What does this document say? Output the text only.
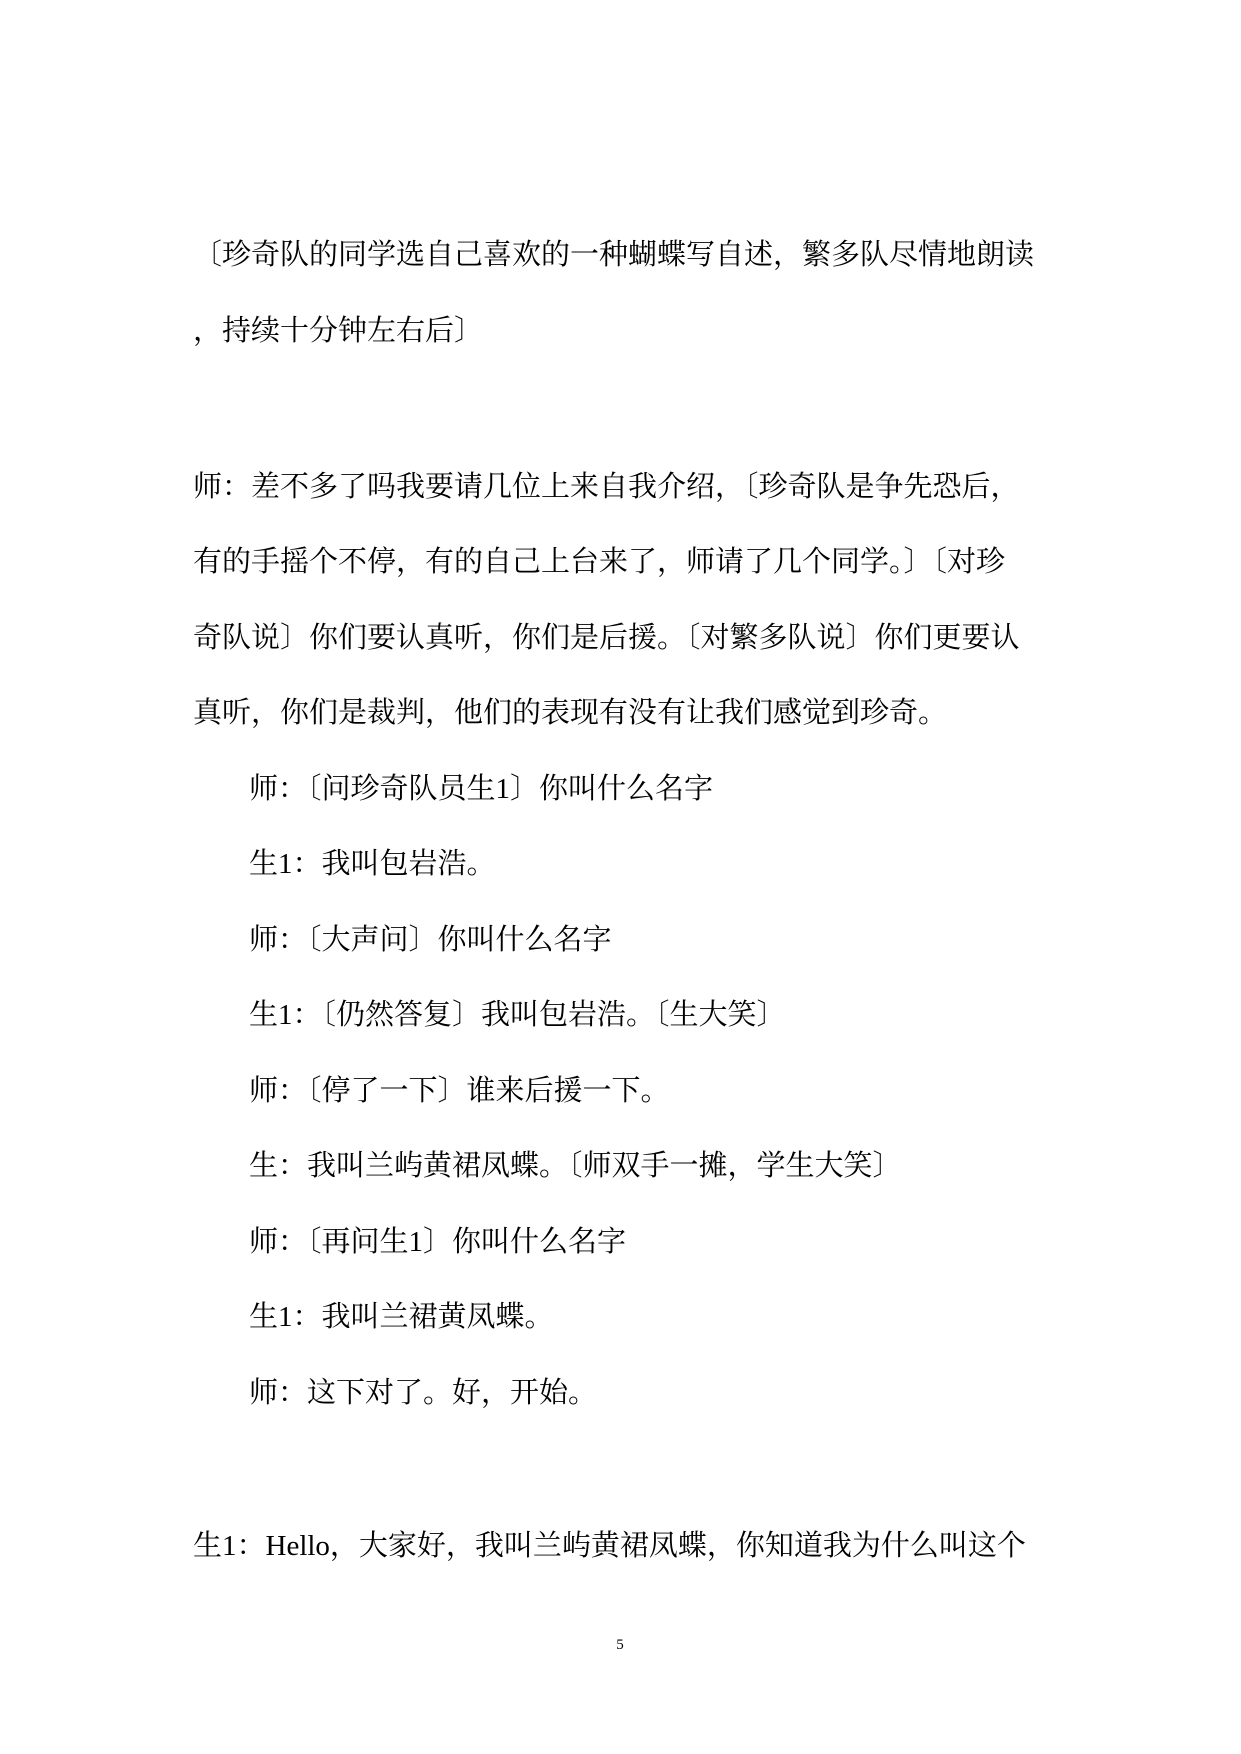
〔珍奇队的同学选自己喜欢的一种蝴蝶写自述，繁多队尽情地朗读
，持续十分钟左右后〕
师：差不多了吗我要请几位上来自我介绍，〔珍奇队是争先恐后，
有的手摇个不停，有的自己上台来了，师请了几个同学。〕〔对珍
奇队说〕你们要认真听，你们是后援。〔对繁多队说〕你们更要认
真听，你们是裁判，他们的表现有没有让我们感觉到珍奇。
师：〔问珍奇队员生1〕你叫什么名字
生1：我叫包岩浩。
师：〔大声问〕你叫什么名字
生1：〔仍然答复〕我叫包岩浩。〔生大笑〕
师：〔停了一下〕谁来后援一下。
生：我叫兰屿黄裙凤蝶。〔师双手一摊，学生大笑〕
师：〔再问生1〕你叫什么名字
生1：我叫兰裙黄凤蝶。
师：这下对了。好，开始。
生1：Hello，大家好，我叫兰屿黄裙凤蝶，你知道我为什么叫这个
5
